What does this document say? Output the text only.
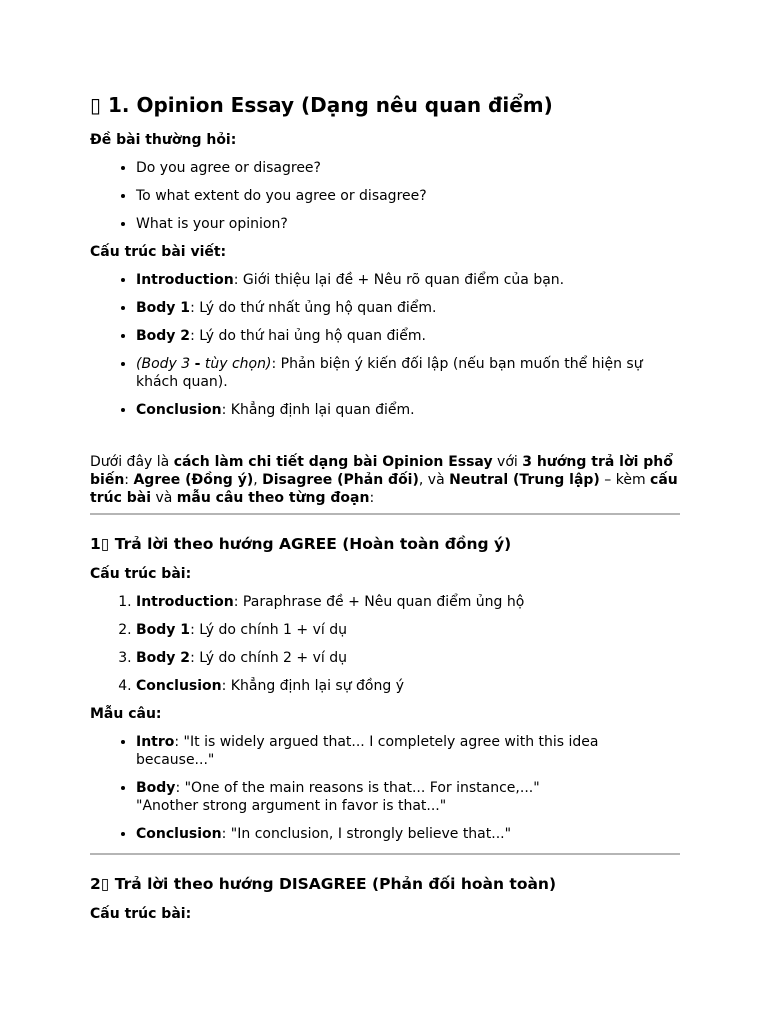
▯ 1. Opinion Essay (Dạng nêu quan điểm)
Đề bài thường hỏi:
• Do you agree or disagree?
• To what extent do you agree or disagree?
• What is your opinion?
Cấu trúc bài viết:
• Introduction: Giới thiệu lại đề + Nêu rõ quan điểm của bạn.
• Body 1: Lý do thứ nhất ủng hộ quan điểm.
• Body 2: Lý do thứ hai ủng hộ quan điểm.
• (Body 3 - tùy chọn): Phản biện ý kiến đối lập (nếu bạn muốn thể hiện sự khách quan).
• Conclusion: Khẳng định lại quan điểm.
Dưới đây là cách làm chi tiết dạng bài Opinion Essay với 3 hướng trả lời phổ biến: Agree (Đồng ý), Disagree (Phản đối), và Neutral (Trung lập) – kèm cấu trúc bài và mẫu câu theo từng đoạn:
1▯ Trả lời theo hướng AGREE (Hoàn toàn đồng ý)
Cấu trúc bài:
1. Introduction: Paraphrase đề + Nêu quan điểm ủng hộ
2. Body 1: Lý do chính 1 + ví dụ
3. Body 2: Lý do chính 2 + ví dụ
4. Conclusion: Khẳng định lại sự đồng ý
Mẫu câu:
• Intro: "It is widely argued that... I completely agree with this idea because..."
• Body: "One of the main reasons is that... For instance,..."
"Another strong argument in favor is that..."
• Conclusion: "In conclusion, I strongly believe that..."
2▯ Trả lời theo hướng DISAGREE (Phản đối hoàn toàn)
Cấu trúc bài:
